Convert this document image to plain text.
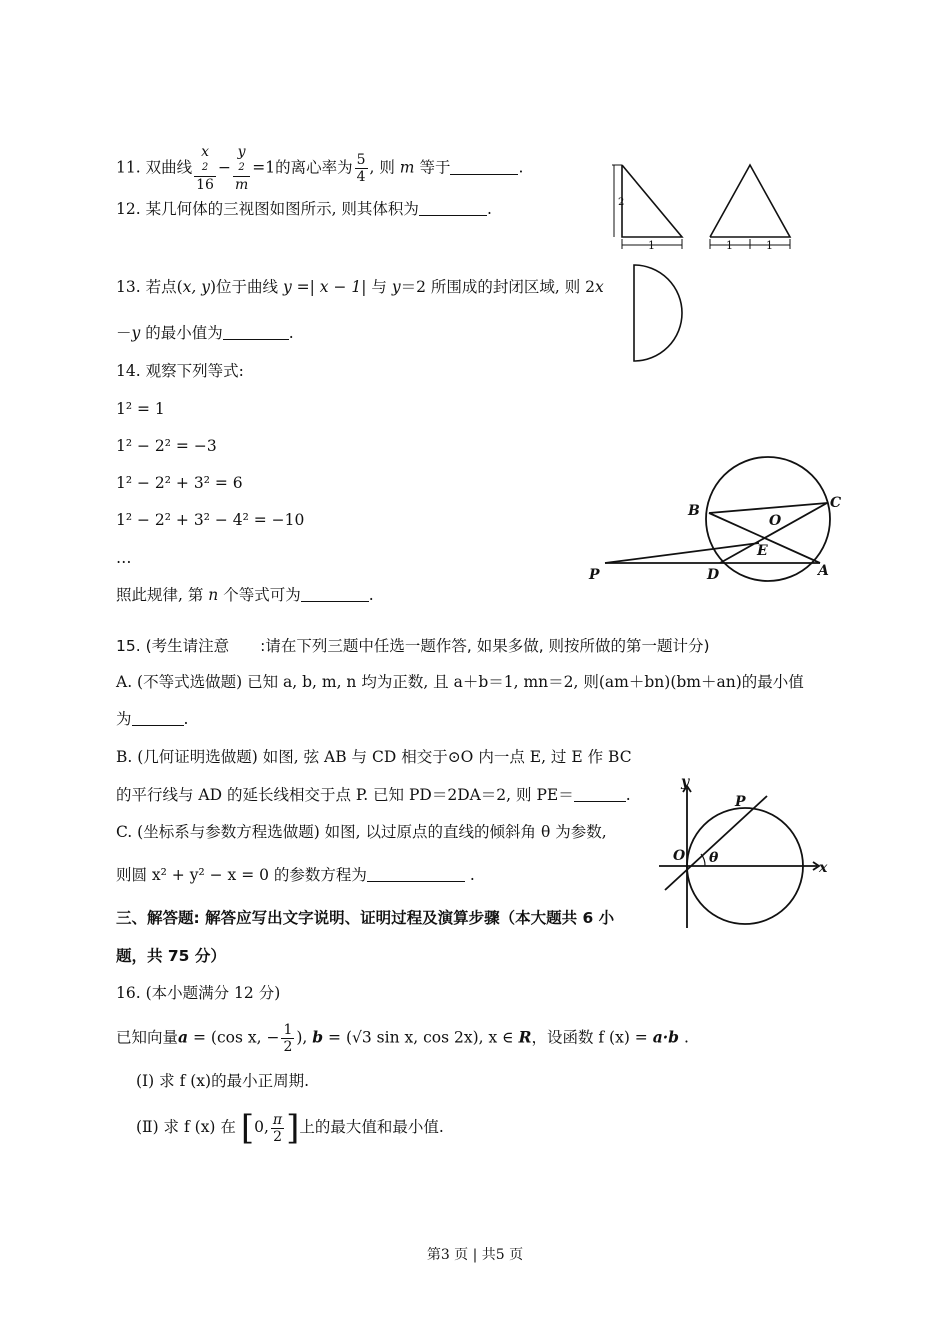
11. 双曲线 x
2
16 − y
2
m =1的离心率为 $\frac{5}{4}$ , 则 m 等于	.
12. 某几何体的三视图如图所示, 则其体积为	.
13. 若点(x, y)位于曲线 y =| x − 1| 与 y＝2 所围成的封闭区域, 则 2x
－y 的最小值为	.
14. 观察下列等式:
1² = 1
1² − 2² = −3
1² − 2² + 3² = 6
1² − 2² + 3² − 4² = −10
…
照此规律, 第 n 个等式可为	.
15. (考生请注意　　:请在下列三题中任选一题作答, 如果多做, 则按所做的第一题计分)
A. (不等式选做题) 已知 a, b, m, n 均为正数, 且 a＋b＝1, mn＝2, 则(am＋bn)(bm＋an)的最小值
为	.
B. (几何证明选做题) 如图, 弦 AB 与 CD 相交于⊙O 内一点 E, 过 E 作 BC
的平行线与 AD 的延长线相交于点 P. 已知 PD＝2DA＝2, 则 PE＝	.
C. (坐标系与参数方程选做题) 如图, 以过原点的直线的倾斜角 θ 为参数,
则圆 x² + y² − x = 0 的参数方程为	.
三、解答题: 解答应写出文字说明、证明过程及演算步骤（本大题共 6 小
题，共 75 分）
16. (本小题满分 12 分)
已知向量a = (cos x, − $\frac{1}{2}$ ), b = (√3 sin x, cos 2x), x ∈ R，设函数 f (x) = a·b .
(Ⅰ) 求 f (x)的最小正周期.
(Ⅱ) 求 f (x) 在 [0, $\frac{\pi}{2}$ ]上的最大值和最小值.
2
1	1	1
B	C
O
E
P	D	A
y
x
O
P
θ
第3 页 | 共5 页
